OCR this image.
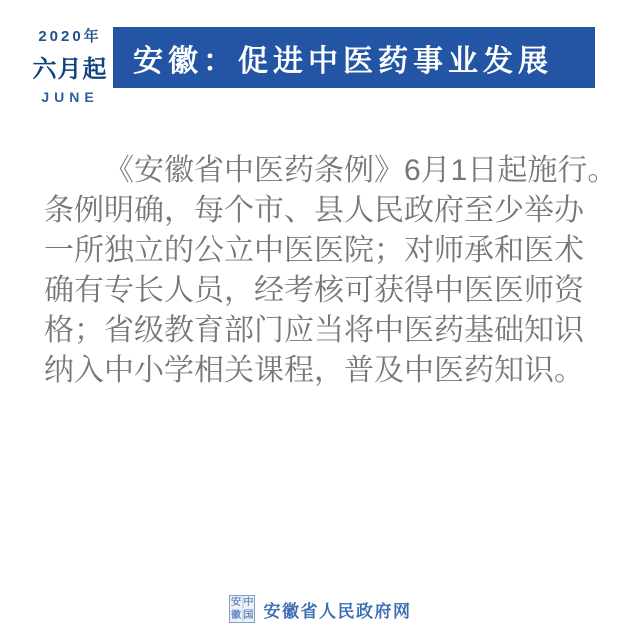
2020年
六月起
JUNE
安徽：促进中医药事业发展
《安徽省中医药条例》6月1日起施行。
条例明确，每个市、县人民政府至少举办
一所独立的公立中医医院；对师承和医术
确有专长人员，经考核可获得中医医师资
格；省级教育部门应当将中医药基础知识
纳入中小学相关课程，普及中医药知识。
安 中
徽 国 安徽省人民政府网
